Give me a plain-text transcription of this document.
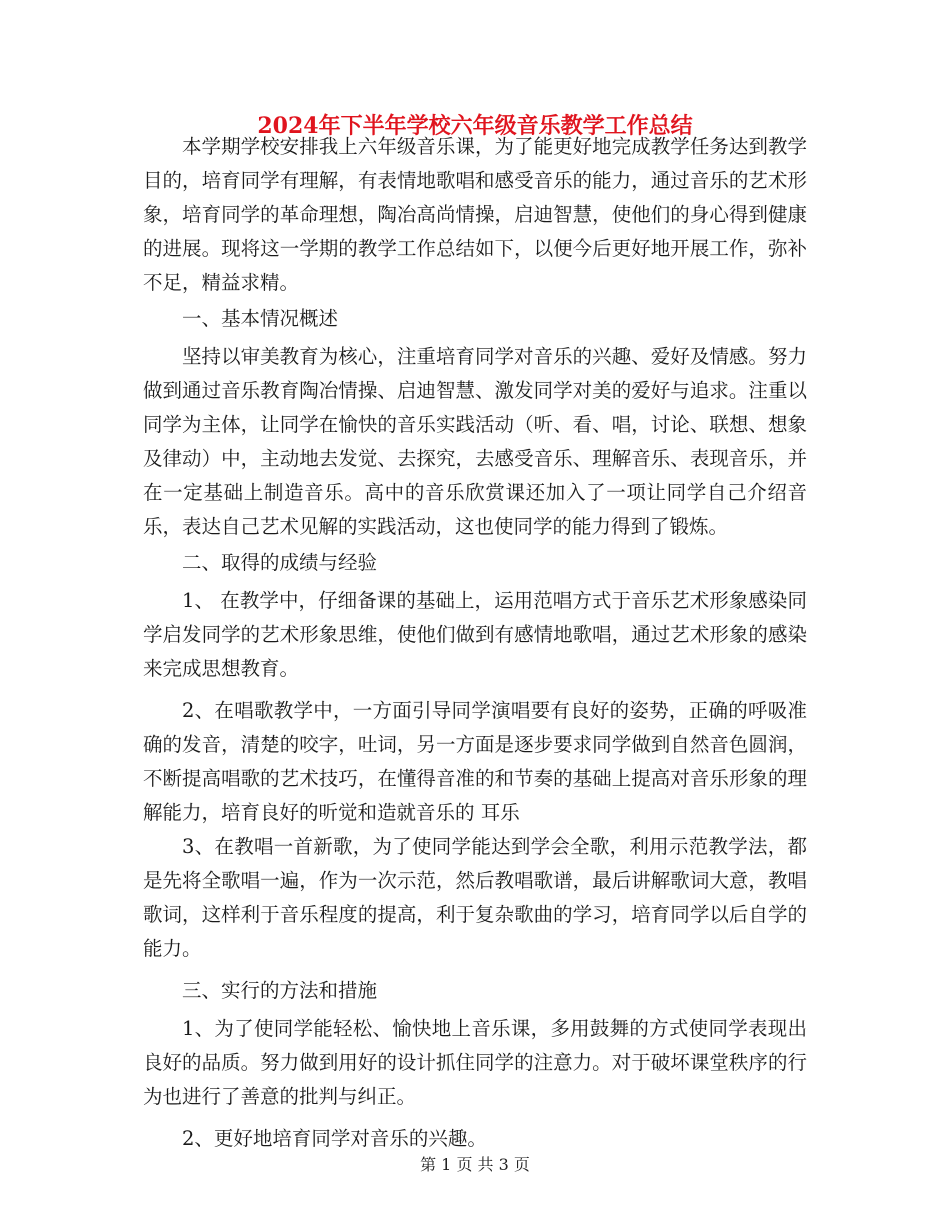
2024年下半年学校六年级音乐教学工作总结

本学期学校安排我上六年级音乐课，为了能更好地完成教学任务达到教学目的，培育同学有理解，有表情地歌唱和感受音乐的能力，通过音乐的艺术形象，培育同学的革命理想，陶冶高尚情操，启迪智慧，使他们的身心得到健康的进展。现将这一学期的教学工作总结如下，以便今后更好地开展工作，弥补不足，精益求精。

一、基本情况概述

坚持以审美教育为核心，注重培育同学对音乐的兴趣、爱好及情感。努力做到通过音乐教育陶冶情操、启迪智慧、激发同学对美的爱好与追求。注重以同学为主体，让同学在愉快的音乐实践活动（听、看、唱，讨论、联想、想象及律动）中，主动地去发觉、去探究，去感受音乐、理解音乐、表现音乐，并在一定基础上制造音乐。高中的音乐欣赏课还加入了一项让同学自己介绍音乐，表达自己艺术见解的实践活动，这也使同学的能力得到了锻炼。

二、取得的成绩与经验

1、 在教学中，仔细备课的基础上，运用范唱方式于音乐艺术形象感染同学启发同学的艺术形象思维，使他们做到有感情地歌唱，通过艺术形象的感染来完成思想教育。

2、在唱歌教学中，一方面引导同学演唱要有良好的姿势，正确的呼吸准确的发音，清楚的咬字，吐词，另一方面是逐步要求同学做到自然音色圆润，不断提高唱歌的艺术技巧，在懂得音准的和节奏的基础上提高对音乐形象的理解能力，培育良好的听觉和造就音乐的 耳乐

3、在教唱一首新歌，为了使同学能达到学会全歌，利用示范教学法，都是先将全歌唱一遍，作为一次示范，然后教唱歌谱，最后讲解歌词大意，教唱歌词，这样利于音乐程度的提高，利于复杂歌曲的学习，培育同学以后自学的能力。

三、实行的方法和措施

1、为了使同学能轻松、愉快地上音乐课，多用鼓舞的方式使同学表现出良好的品质。努力做到用好的设计抓住同学的注意力。对于破坏课堂秩序的行为也进行了善意的批判与纠正。

2、更好地培育同学对音乐的兴趣。

第 1 页 共 3 页
